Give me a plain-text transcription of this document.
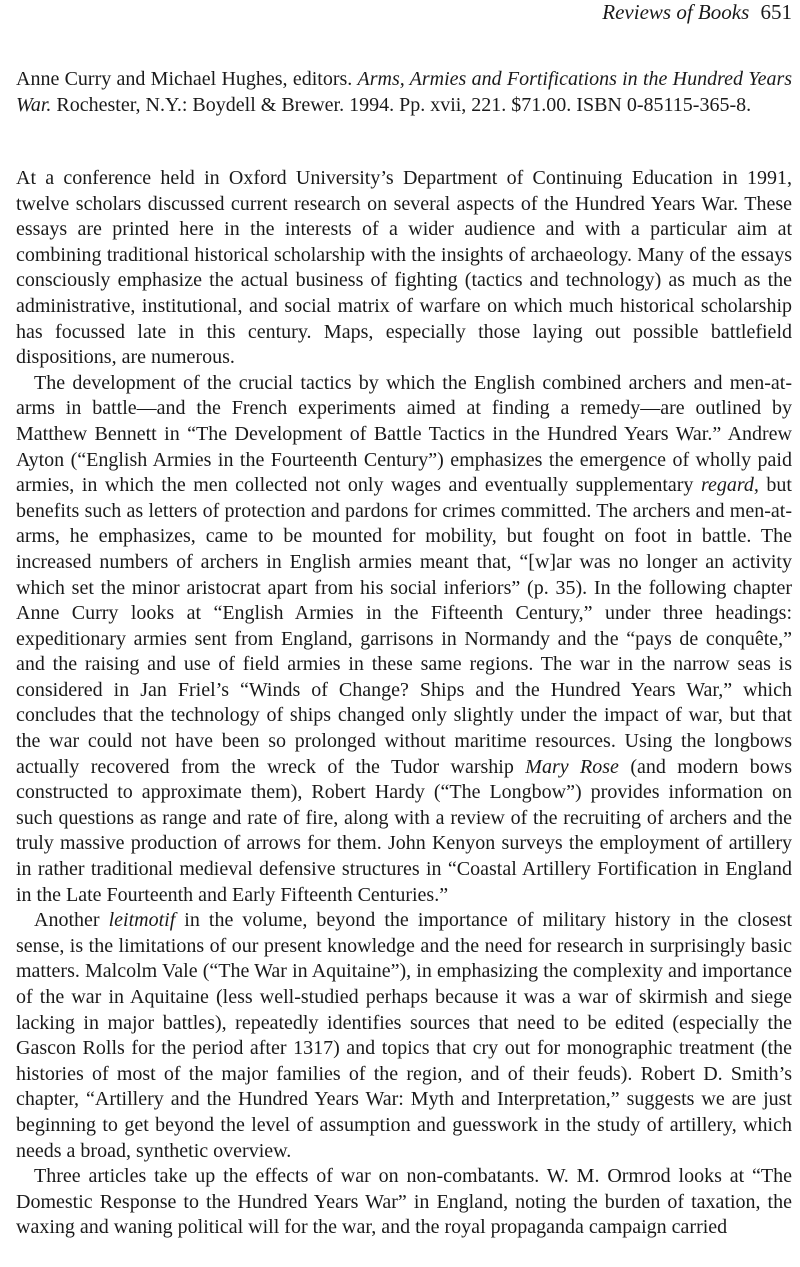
Reviews of Books 651
Anne Curry and Michael Hughes, editors. Arms, Armies and Fortifications in the Hundred Years War. Rochester, N.Y.: Boydell & Brewer. 1994. Pp. xvii, 221. $71.00. ISBN 0-85115-365-8.

At a conference held in Oxford University’s Department of Continuing Education in 1991, twelve scholars discussed current research on several aspects of the Hundred Years War. These essays are printed here in the interests of a wider audience and with a particular aim at combining traditional historical scholarship with the insights of archaeology. Many of the essays consciously emphasize the actual business of fighting (tactics and technology) as much as the administrative, institutional, and social matrix of warfare on which much historical scholarship has focussed late in this century. Maps, especially those laying out possible battlefield dispositions, are numerous.

The development of the crucial tactics by which the English combined archers and men-at-arms in battle—and the French experiments aimed at finding a remedy—are outlined by Matthew Bennett in “The Development of Battle Tactics in the Hundred Years War.” Andrew Ayton (“English Armies in the Fourteenth Century”) emphasizes the emergence of wholly paid armies, in which the men collected not only wages and eventually supplementary regard, but benefits such as letters of protection and pardons for crimes committed. The archers and men-at-arms, he emphasizes, came to be mounted for mobility, but fought on foot in battle. The increased numbers of archers in English armies meant that, “[w]ar was no longer an activity which set the minor aristocrat apart from his social inferiors” (p. 35). In the following chapter Anne Curry looks at “English Armies in the Fifteenth Century,” under three headings: expeditionary armies sent from England, garrisons in Normandy and the “pays de conquête,” and the raising and use of field armies in these same regions. The war in the narrow seas is considered in Jan Friel’s “Winds of Change? Ships and the Hundred Years War,” which concludes that the technology of ships changed only slightly under the impact of war, but that the war could not have been so prolonged without maritime resources. Using the longbows actually recovered from the wreck of the Tudor warship Mary Rose (and modern bows constructed to approximate them), Robert Hardy (“The Longbow”) provides information on such questions as range and rate of fire, along with a review of the recruiting of archers and the truly massive production of arrows for them. John Kenyon surveys the employment of artillery in rather traditional medieval defensive structures in “Coastal Artillery Fortification in England in the Late Fourteenth and Early Fifteenth Centuries.”

Another leitmotif in the volume, beyond the importance of military history in the closest sense, is the limitations of our present knowledge and the need for research in surprisingly basic matters. Malcolm Vale (“The War in Aquitaine”), in emphasizing the complexity and importance of the war in Aquitaine (less well-studied perhaps because it was a war of skirmish and siege lacking in major battles), repeatedly identifies sources that need to be edited (especially the Gascon Rolls for the period after 1317) and topics that cry out for monographic treatment (the histories of most of the major families of the region, and of their feuds). Robert D. Smith’s chapter, “Artillery and the Hundred Years War: Myth and Interpretation,” suggests we are just beginning to get beyond the level of assumption and guesswork in the study of artillery, which needs a broad, synthetic overview.

Three articles take up the effects of war on non-combatants. W. M. Ormrod looks at “The Domestic Response to the Hundred Years War” in England, noting the burden of taxation, the waxing and waning political will for the war, and the royal propaganda campaign carried
